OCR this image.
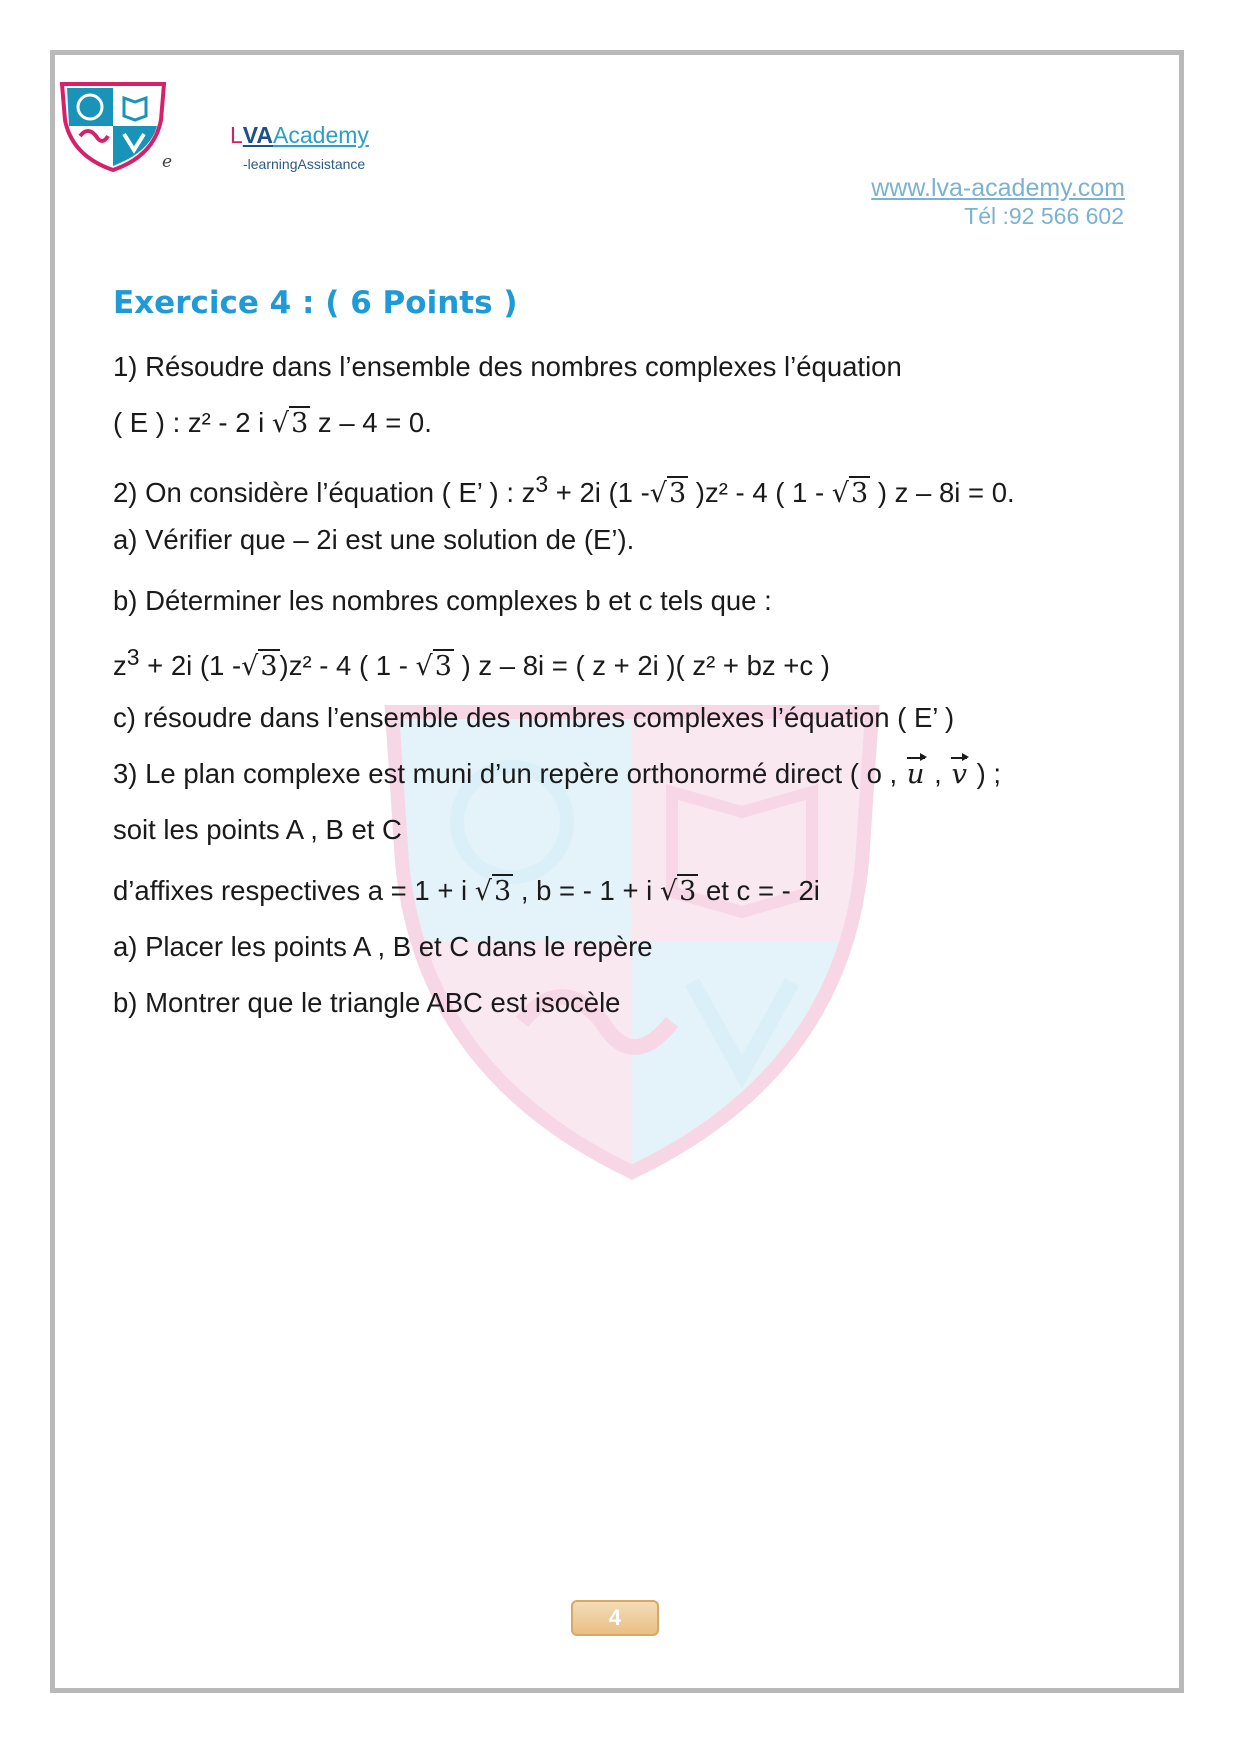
e
LVAAcademy
-learningAssistance
www.lva-academy.com
Tél :92 566 602
Exercice 4 : ( 6 Points )
1) Résoudre dans l’ensemble des nombres complexes l’équation
( E ) : z² - 2 i √3 z – 4 = 0.
2) On considère l’équation ( E’ ) : $z^3 + 2i$ (1 -√3 )z² - 4 ( 1 - √3 ) z – 8i = 0.
a) Vérifier que – 2i est une solution de (E’).
b) Déterminer les nombres complexes b et c tels que :
$z^3 + 2i$ (1 -√3)z² - 4 ( 1 - √3 ) z – 8i = ( z + 2i )( z² + bz +c )
c) résoudre dans l’ensemble des nombres complexes l’équation ( E’ )
3) Le plan complexe est muni d’un repère orthonormé direct ( o , u , v ) ;
soit les points A , B et C
d’affixes respectives a = 1 + i √3 , b = - 1 + i √3 et c = - 2i
a) Placer les points A , B et C dans le repère
b) Montrer que le triangle ABC est isocèle
4
